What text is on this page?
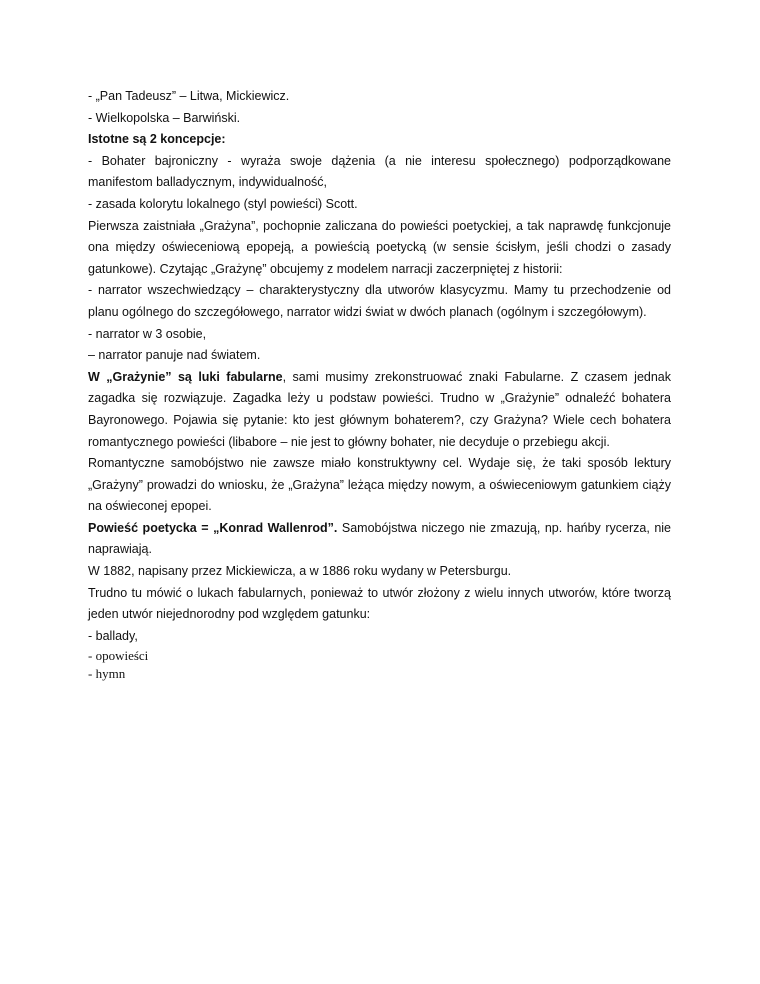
- „Pan Tadeusz” – Litwa, Mickiewicz.
- Wielkopolska – Barwiński.
Istotne są 2 koncepcje:
- Bohater bajroniczny - wyraża swoje dążenia (a nie interesu społecznego) podporządkowane manifestom balladycznym, indywidualność,
- zasada kolorytu lokalnego (styl powieści) Scott.
Pierwsza zaistniała „Grażyna”, pochopnie zaliczana do powieści poetyckiej, a tak naprawdę funkcjonuje ona między oświeceniową epopeją, a powieścią poetycką (w sensie ścisłym, jeśli chodzi o zasady gatunkowe). Czytając „Grażynę” obcujemy z modelem narracji zaczerpniętej z historii:
- narrator wszechwiedzący – charakterystyczny dla utworów klasycyzmu. Mamy tu przechodzenie od planu ogólnego do szczegółowego, narrator widzi świat w dwóch planach (ogólnym i szczegółowym).
- narrator w 3 osobie,
– narrator panuje nad światem.
W „Grażynie” są luki fabularne, sami musimy zrekonstruować znaki Fabularne. Z czasem jednak zagadka się rozwiązuje. Zagadka leży u podstaw powieści. Trudno w „Grażynie” odnaleźć bohatera Bayronowego. Pojawia się pytanie: kto jest głównym bohaterem?, czy Grażyna? Wiele cech bohatera romantycznego powieści (libabore – nie jest to główny bohater, nie decyduje o przebiegu akcji.
Romantyczne samobójstwo nie zawsze miało konstruktywny cel. Wydaje się, że taki sposób lektury „Grażyny” prowadzi do wniosku, że „Grażyna” leżąca między nowym, a oświeceniowym gatunkiem ciąży na oświeconej epopei.
Powieść poetycka = „Konrad Wallenrod”. Samobójstwa niczego nie zmazują, np. hańby rycerza, nie naprawiają.
W 1882, napisany przez Mickiewicza, a w 1886 roku wydany w Petersburgu.
Trudno tu mówić o lukach fabularnych, ponieważ to utwór złożony z wielu innych utworów, które tworzą jeden utwór niejednorodny pod względem gatunku:
- ballady,
- opowieści
- hymn
